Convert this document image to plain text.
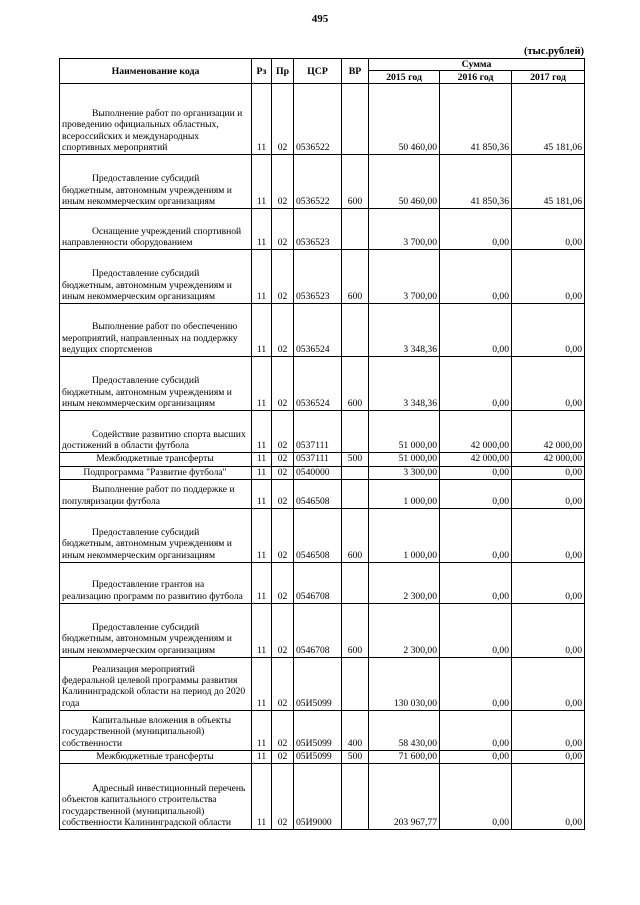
495
(тыс.рублей)
Наименование кода	Рз	Пр	ЦСР	ВР	Сумма		
					2015 год	2016 год	2017 год

Выполнение работ по организации и проведению официальных областных, всероссийских и международных спортивных мероприятий	11	02	0536522		50 460,00	41 850,36	45 181,06

Предоставление субсидий бюджетным, автономным учреждениям и иным некоммерческим организациям	11	02	0536522	600	50 460,00	41 850,36	45 181,06

Оснащение учреждений спортивной направленности оборудованием	11	02	0536523		3 700,00	0,00	0,00

Предоставление субсидий бюджетным, автономным учреждениям и иным некоммерческим организациям	11	02	0536523	600	3 700,00	0,00	0,00

Выполнение работ по обеспечению мероприятий, направленных на поддержку ведущих спортсменов	11	02	0536524		3 348,36	0,00	0,00

Предоставление субсидий бюджетным, автономным учреждениям и иным некоммерческим организациям	11	02	0536524	600	3 348,36	0,00	0,00

Содействие развитию спорта высших достижений в области футбола	11	02	0537111		51 000,00	42 000,00	42 000,00
Межбюджетные трансферты	11	02	0537111	500	51 000,00	42 000,00	42 000,00
Подпрограмма "Развитие футбола"	11	02	0540000		3 300,00	0,00	0,00

Выполнение работ по поддержке и популяризации футбола	11	02	0546508		1 000,00	0,00	0,00

Предоставление субсидий бюджетным, автономным учреждениям и иным некоммерческим организациям	11	02	0546508	600	1 000,00	0,00	0,00

Предоставление грантов на реализацию программ по развитию футбола	11	02	0546708		2 300,00	0,00	0,00

Предоставление субсидий бюджетным, автономным учреждениям и иным некоммерческим организациям	11	02	0546708	600	2 300,00	0,00	0,00

Реализация мероприятий федеральной целевой программы развития Калининградской области на период до 2020 года	11	02	05И5099		130 030,00	0,00	0,00

Капитальные вложения в объекты государственной (муниципальной) собственности	11	02	05И5099	400	58 430,00	0,00	0,00
Межбюджетные трансферты	11	02	05И5099	500	71 600,00	0,00	0,00

Адресный инвестиционный перечень объектов капитального строительства государственной (муниципальной) собственности Калининградской области	11	02	05И9000		203 967,77	0,00	0,00
